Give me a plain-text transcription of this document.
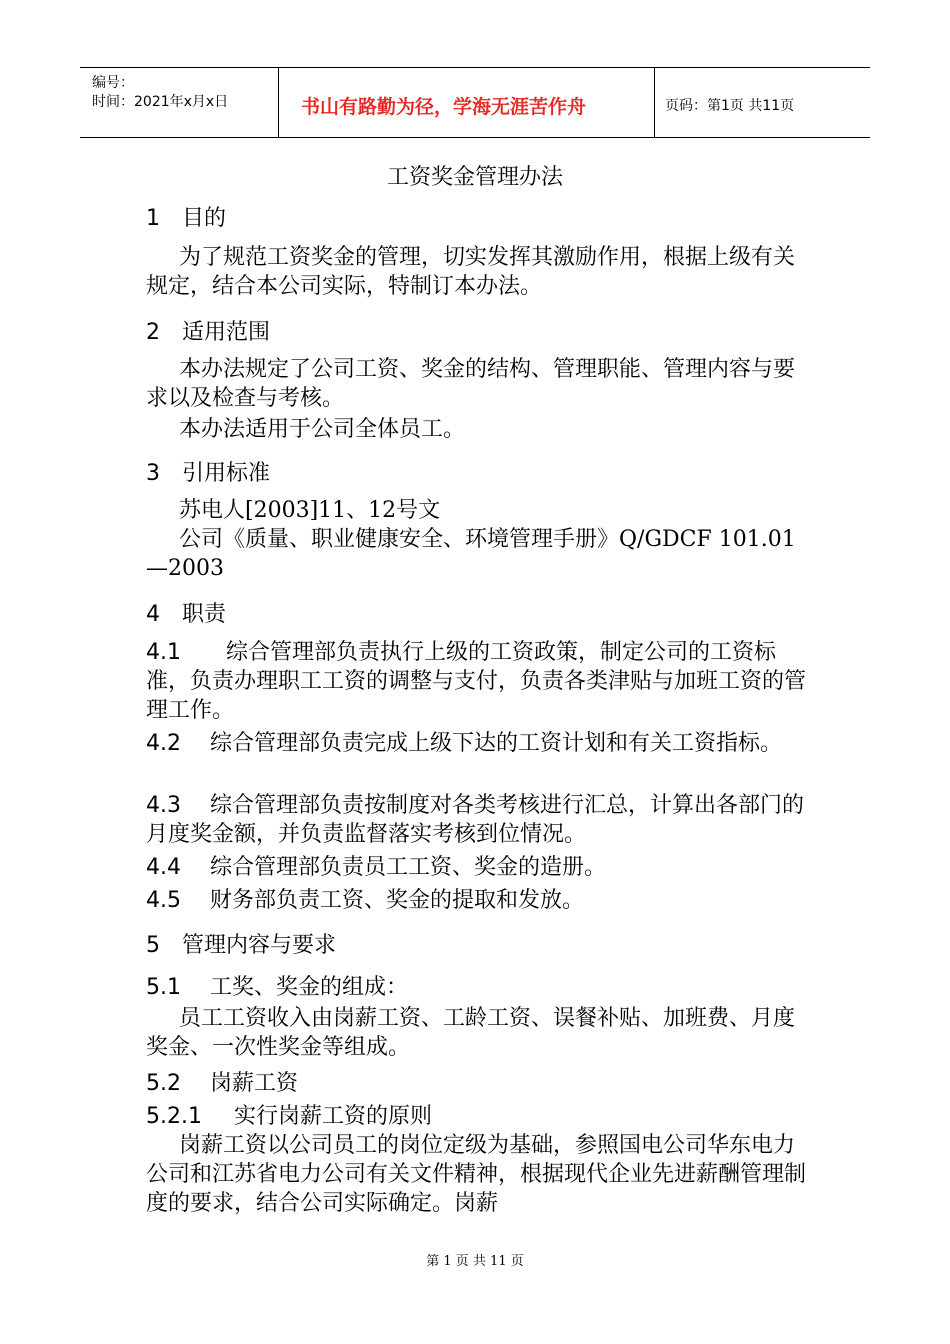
编号：
时间：2021年x月x日	书山有路勤为径，学海无涯苦作舟	页码：第1页 共11页
工资奖金管理办法
1 目的
为了规范工资奖金的管理，切实发挥其激励作用，根据上级有关规定，结合本公司实际，特制订本办法。
2 适用范围
本办法规定了公司工资、奖金的结构、管理职能、管理内容与要求以及检查与考核。
本办法适用于公司全体员工。
3 引用标准
苏电人[2003]11、12号文
公司《质量、职业健康安全、环境管理手册》Q/GDCF 101.01—2003
4 职责
4.1 综合管理部负责执行上级的工资政策，制定公司的工资标准，负责办理职工工资的调整与支付，负责各类津贴与加班工资的管理工作。
4.2 综合管理部负责完成上级下达的工资计划和有关工资指标。
4.3 综合管理部负责按制度对各类考核进行汇总，计算出各部门的月度奖金额，并负责监督落实考核到位情况。
4.4 综合管理部负责员工工资、奖金的造册。
4.5 财务部负责工资、奖金的提取和发放。
5 管理内容与要求
5.1 工奖、奖金的组成：
员工工资收入由岗薪工资、工龄工资、误餐补贴、加班费、月度奖金、一次性奖金等组成。
5.2 岗薪工资
5.2.1 实行岗薪工资的原则
岗薪工资以公司员工的岗位定级为基础，参照国电公司华东电力公司和江苏省电力公司有关文件精神，根据现代企业先进薪酬管理制度的要求，结合公司实际确定。岗薪
第 1 页 共 11 页
